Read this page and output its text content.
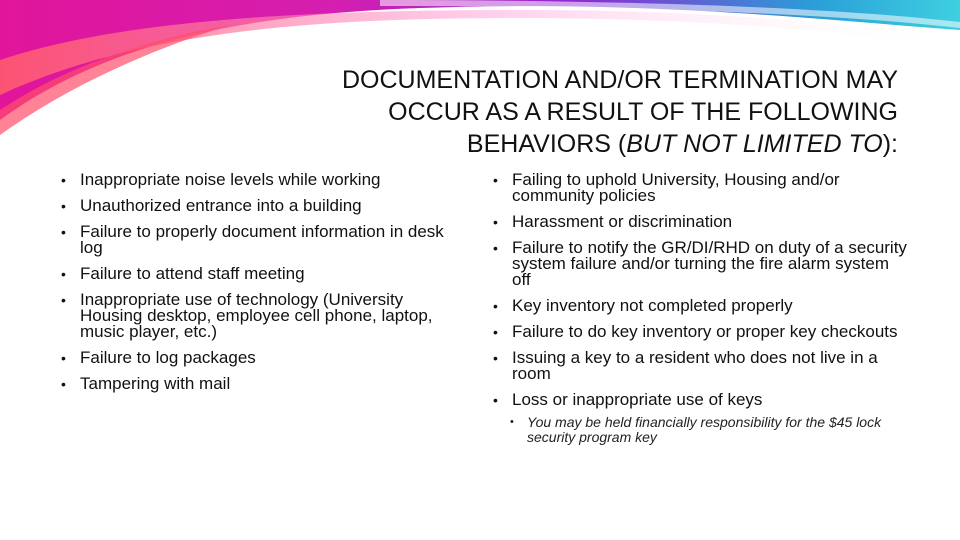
DOCUMENTATION AND/OR TERMINATION MAY
OCCUR AS A RESULT OF THE FOLLOWING
BEHAVIORS (BUT NOT LIMITED TO):
• Inappropriate noise levels while working
• Unauthorized entrance into a building
• Failure to properly document information in desk log
• Failure to attend staff meeting
• Inappropriate use of technology (University Housing desktop, employee cell phone, laptop, music player, etc.)
• Failure to log packages
• Tampering with mail
• Failing to uphold University, Housing and/or community policies
• Harassment or discrimination
• Failure to notify the GR/DI/RHD on duty of a security system failure and/or turning the fire alarm system off
• Key inventory not completed properly
• Failure to do key inventory or proper key checkouts
• Issuing a key to a resident who does not live in a room
• Loss or inappropriate use of keys
• You may be held financially responsibility for the $45 lock security program key
